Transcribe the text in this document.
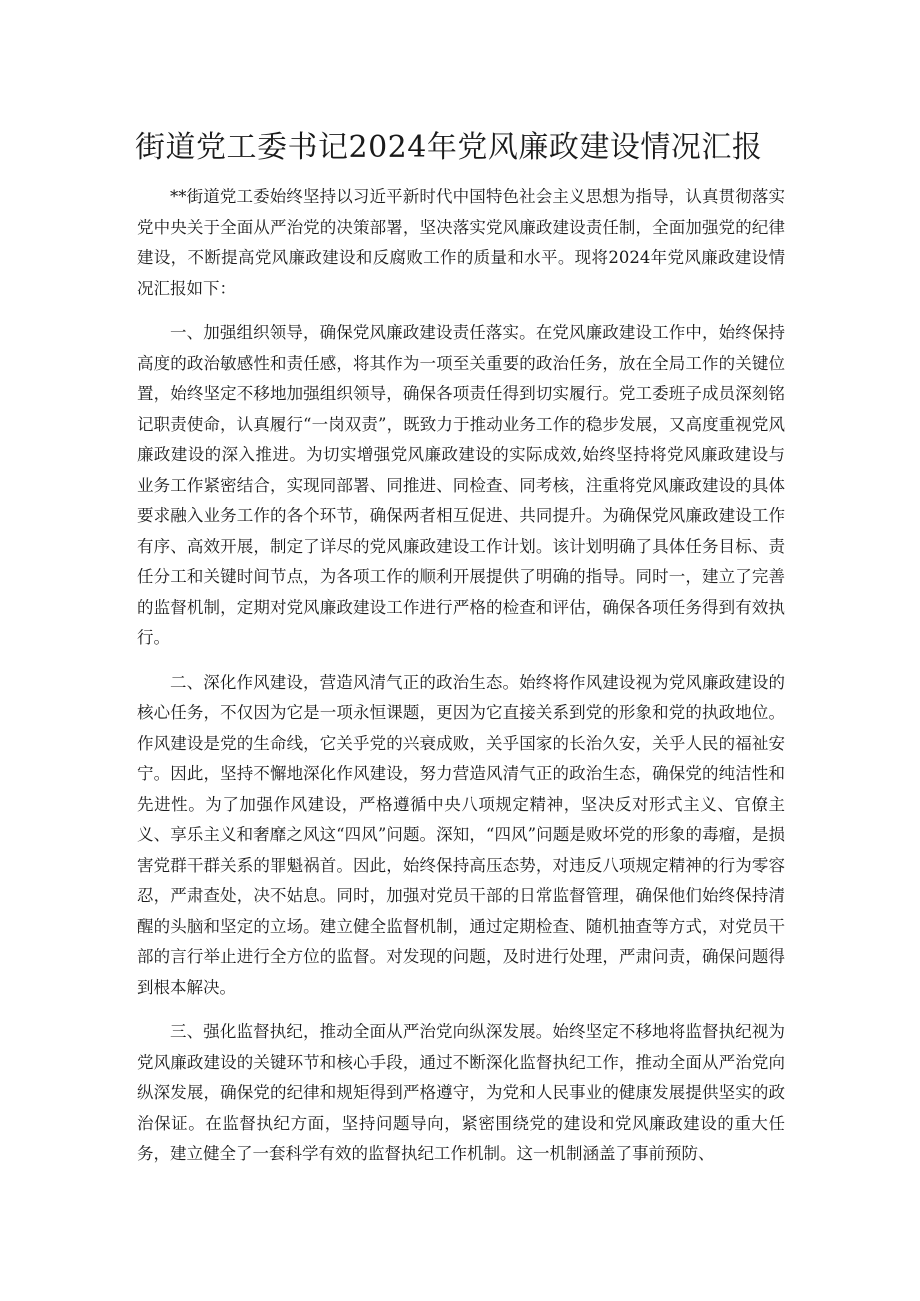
街道党工委书记2024年党风廉政建设情况汇报

**街道党工委始终坚持以习近平新时代中国特色社会主义思想为指导，认真贯彻落实党中央关于全面从严治党的决策部署，坚决落实党风廉政建设责任制，全面加强党的纪律建设，不断提高党风廉政建设和反腐败工作的质量和水平。现将2024年党风廉政建设情况汇报如下：

一、加强组织领导，确保党风廉政建设责任落实。在党风廉政建设工作中，始终保持高度的政治敏感性和责任感，将其作为一项至关重要的政治任务，放在全局工作的关键位置，始终坚定不移地加强组织领导，确保各项责任得到切实履行。党工委班子成员深刻铭记职责使命，认真履行“一岗双责”，既致力于推动业务工作的稳步发展，又高度重视党风廉政建设的深入推进。为切实增强党风廉政建设的实际成效,始终坚持将党风廉政建设与业务工作紧密结合，实现同部署、同推进、同检查、同考核，注重将党风廉政建设的具体要求融入业务工作的各个环节，确保两者相互促进、共同提升。为确保党风廉政建设工作有序、高效开展，制定了详尽的党风廉政建设工作计划。该计划明确了具体任务目标、责任分工和关键时间节点，为各项工作的顺利开展提供了明确的指导。同时一，建立了完善的监督机制，定期对党风廉政建设工作进行严格的检查和评估，确保各项任务得到有效执行。

二、深化作风建设，营造风清气正的政治生态。始终将作风建设视为党风廉政建设的核心任务，不仅因为它是一项永恒课题，更因为它直接关系到党的形象和党的执政地位。作风建设是党的生命线，它关乎党的兴衰成败，关乎国家的长治久安，关乎人民的福祉安宁。因此，坚持不懈地深化作风建设，努力营造风清气正的政治生态，确保党的纯洁性和先进性。为了加强作风建设，严格遵循中央八项规定精神，坚决反对形式主义、官僚主义、享乐主义和奢靡之风这“四风”问题。深知，“四风”问题是败坏党的形象的毒瘤，是损害党群干群关系的罪魁祸首。因此，始终保持高压态势，对违反八项规定精神的行为零容忍，严肃查处，决不姑息。同时，加强对党员干部的日常监督管理，确保他们始终保持清醒的头脑和坚定的立场。建立健全监督机制，通过定期检查、随机抽查等方式，对党员干部的言行举止进行全方位的监督。对发现的问题，及时进行处理，严肃问责，确保问题得到根本解决。

三、强化监督执纪，推动全面从严治党向纵深发展。始终坚定不移地将监督执纪视为党风廉政建设的关键环节和核心手段，通过不断深化监督执纪工作，推动全面从严治党向纵深发展，确保党的纪律和规矩得到严格遵守，为党和人民事业的健康发展提供坚实的政治保证。在监督执纪方面，坚持问题导向，紧密围绕党的建设和党风廉政建设的重大任务，建立健全了一套科学有效的监督执纪工作机制。这一机制涵盖了事前预防、
